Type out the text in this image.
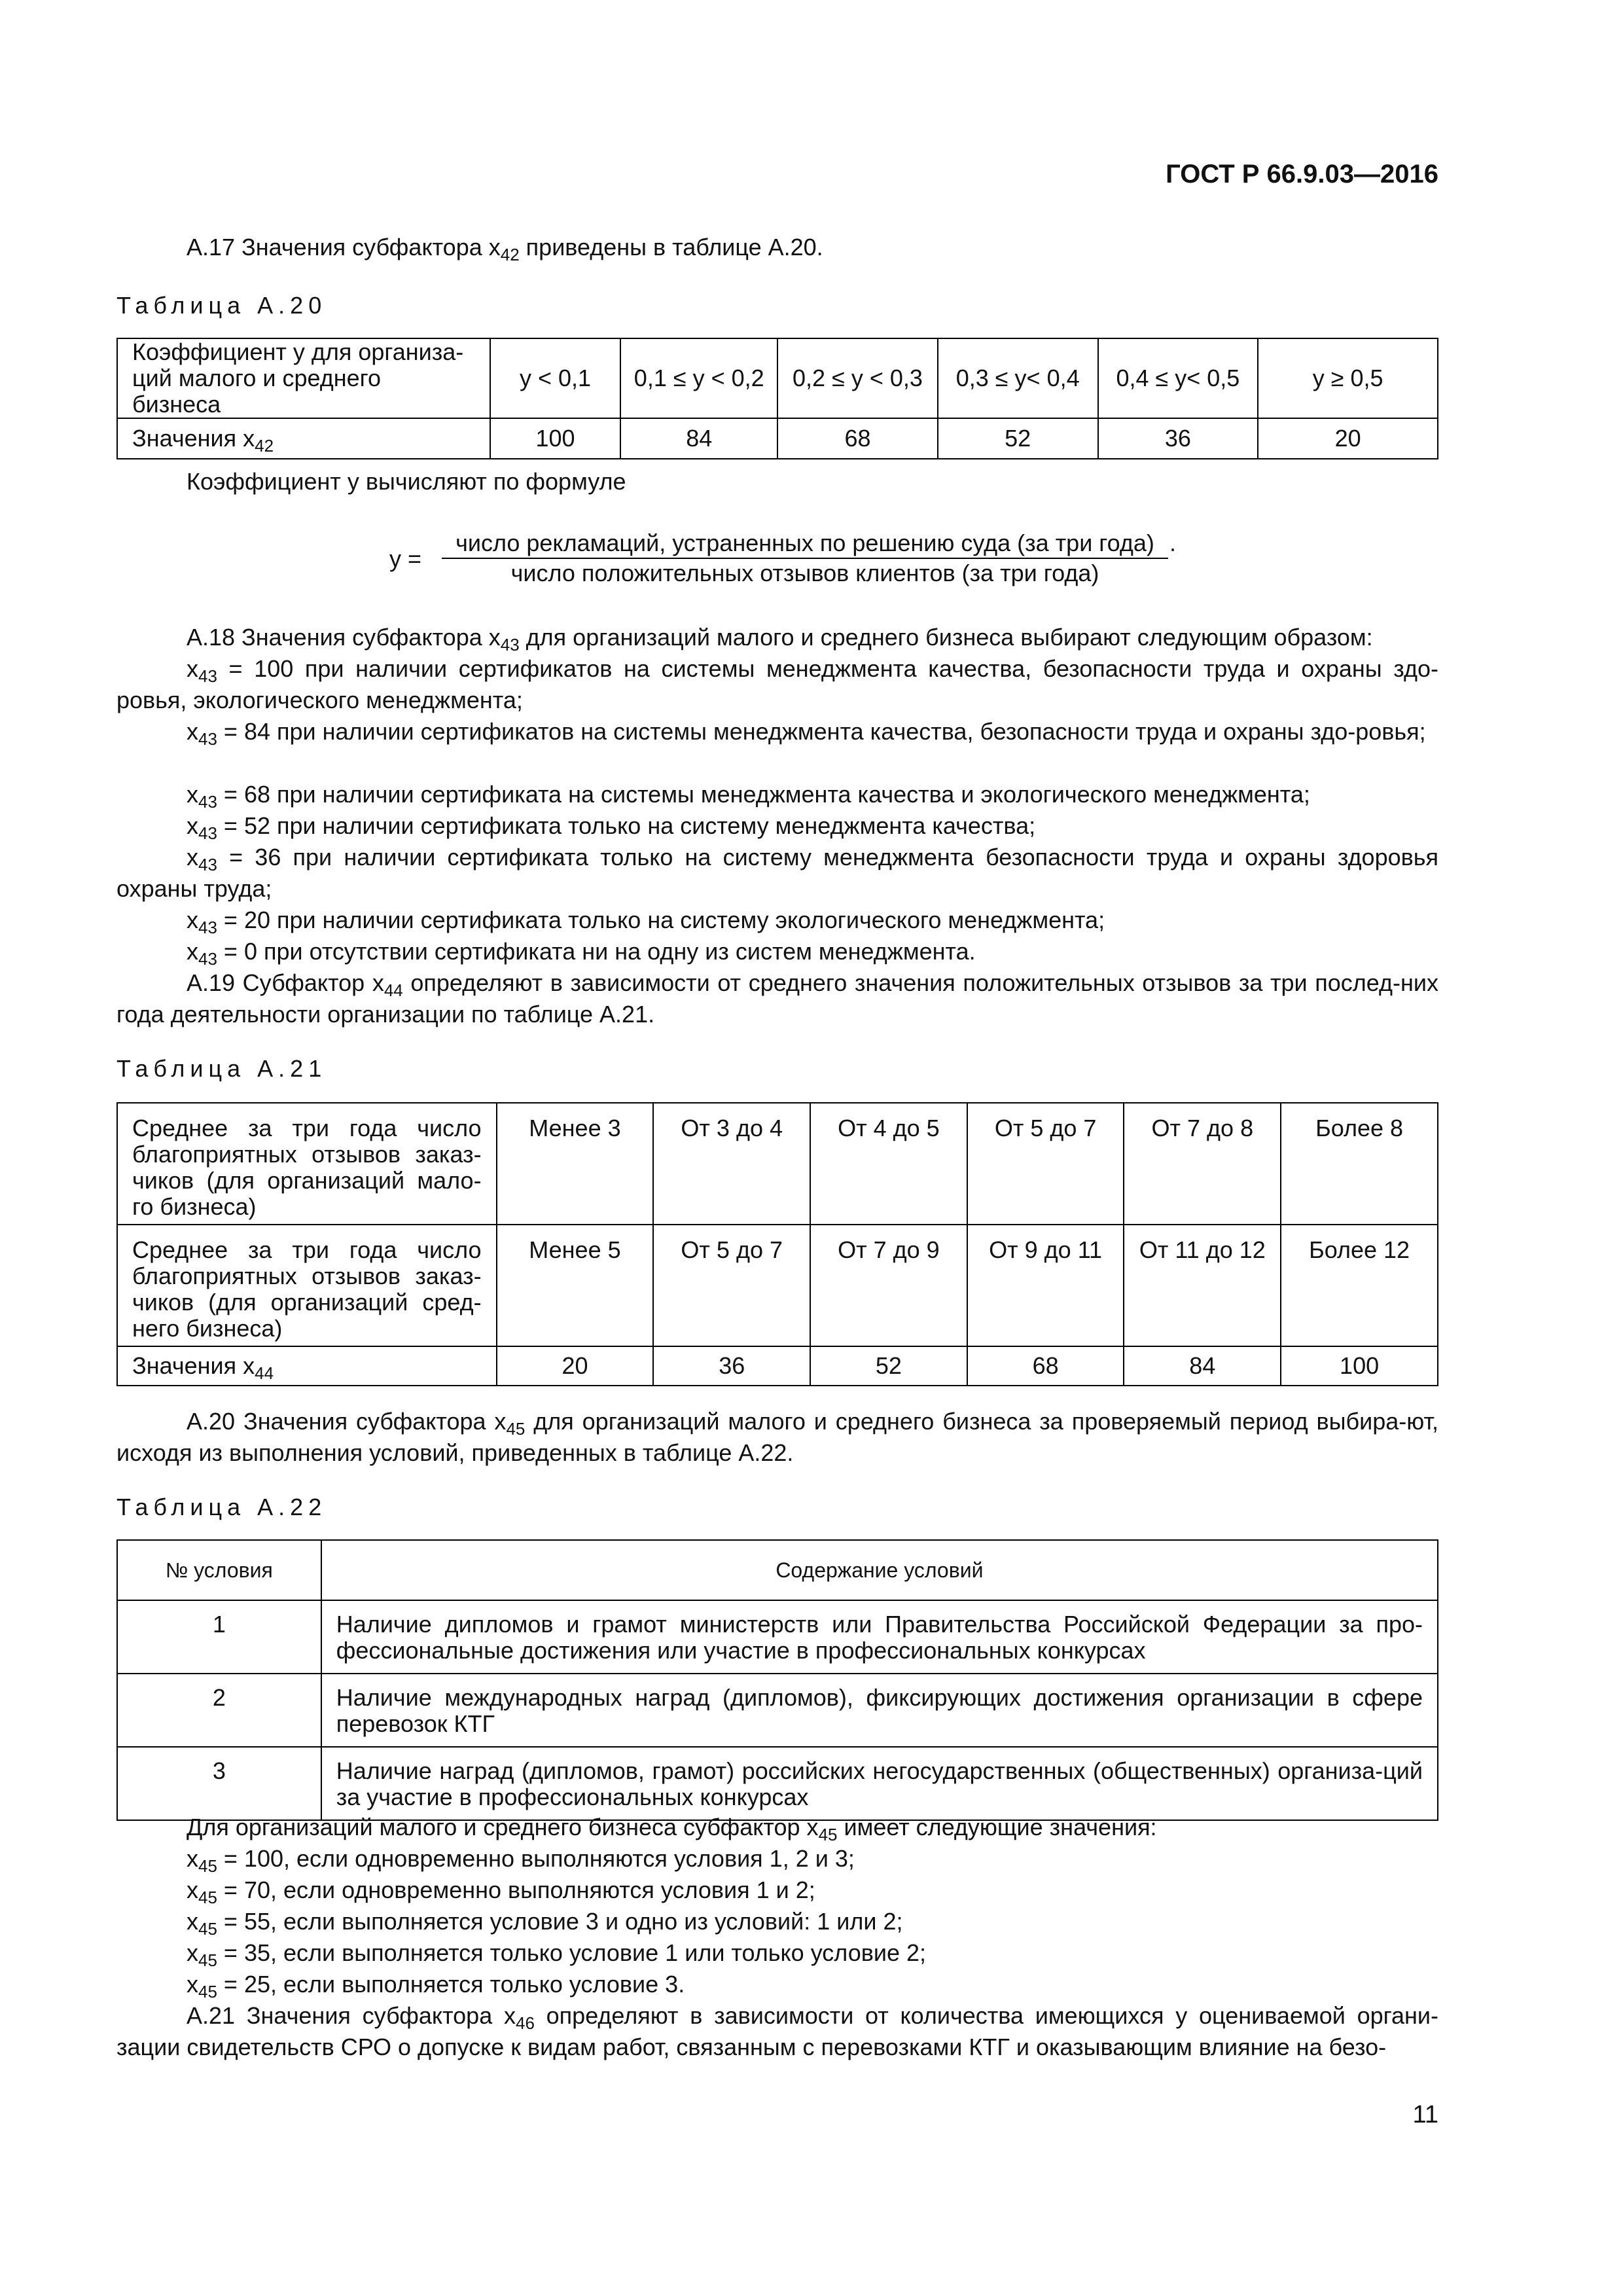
ГОСТ Р 66.9.03—2016
А.17 Значения субфактора $x_{42}$ приведены в таблице А.20.
Таблица А.20
Коэффициент y для организа-ций малого и среднего бизнеса	y < 0,1	0,1 ≤ y < 0,2	0,2 ≤ y < 0,3	0,3 ≤ y< 0,4	0,4 ≤ y< 0,5	y ≥ 0,5
Значения $x_{42}$	100	84	68	52	36	20
Коэффициент y вычисляют по формуле
y =
число рекламаций, устраненных по решению суда (за три года) .
число положительных отзывов клиентов (за три года)
А.18 Значения субфактора $x_{43}$ для организаций малого и среднего бизнеса выбирают следующим образом:
$x_{43} = 100$ при наличии сертификатов на системы менеджмента качества, безопасности труда и охраны здо-ровья, экологического менеджмента;
$x_{43} = 84$ при наличии сертификатов на системы менеджмента качества, безопасности труда и охраны здо-ровья;
$x_{43} = 68$ при наличии сертификата на системы менеджмента качества и экологического менеджмента;
$x_{43} = 52$ при наличии сертификата только на систему менеджмента качества;
$x_{43} = 36$ при наличии сертификата только на систему менеджмента безопасности труда и охраны здоровья охраны труда;
$x_{43} = 20$ при наличии сертификата только на систему экологического менеджмента;
$x_{43} = 0$ при отсутствии сертификата ни на одну из систем менеджмента.
А.19 Субфактор $x_{44}$ определяют в зависимости от среднего значения положительных отзывов за три послед-них года деятельности организации по таблице А.21.
Таблица А.21
Среднее за три года число благоприятных отзывов заказ-чиков (для организаций мало-го бизнеса)	Менее 3	От 3 до 4	От 4 до 5	От 5 до 7	От 7 до 8	Более 8
Среднее за три года число благоприятных отзывов заказ-чиков (для организаций сред-него бизнеса)	Менее 5	От 5 до 7	От 7 до 9	От 9 до 11	От 11 до 12	Более 12
Значения $x_{44}$	20	36	52	68	84	100
А.20 Значения субфактора $x_{45}$ для организаций малого и среднего бизнеса за проверяемый период выбира-ют, исходя из выполнения условий, приведенных в таблице А.22.
Таблица А.22
№ условия	Содержание условий
1	Наличие дипломов и грамот министерств или Правительства Российской Федерации за про-фессиональные достижения или участие в профессиональных конкурсах
2	Наличие международных наград (дипломов), фиксирующих достижения организации в сфере перевозок КТГ
3	Наличие наград (дипломов, грамот) российских негосударственных (общественных) организа-ций за участие в профессиональных конкурсах
Для организаций малого и среднего бизнеса субфактор $x_{45}$ имеет следующие значения:
$x_{45} = 100$, если одновременно выполняются условия 1, 2 и 3;
$x_{45} = 70$, если одновременно выполняются условия 1 и 2;
$x_{45} = 55$, если выполняется условие 3 и одно из условий: 1 или 2;
$x_{45} = 35$, если выполняется только условие 1 или только условие 2;
$x_{45} = 25$, если выполняется только условие 3.
А.21 Значения субфактора $x_{46}$ определяют в зависимости от количества имеющихся у оцениваемой органи-зации свидетельств СРО о допуске к видам работ, связанным с перевозками КТГ и оказывающим влияние на безо-
11
